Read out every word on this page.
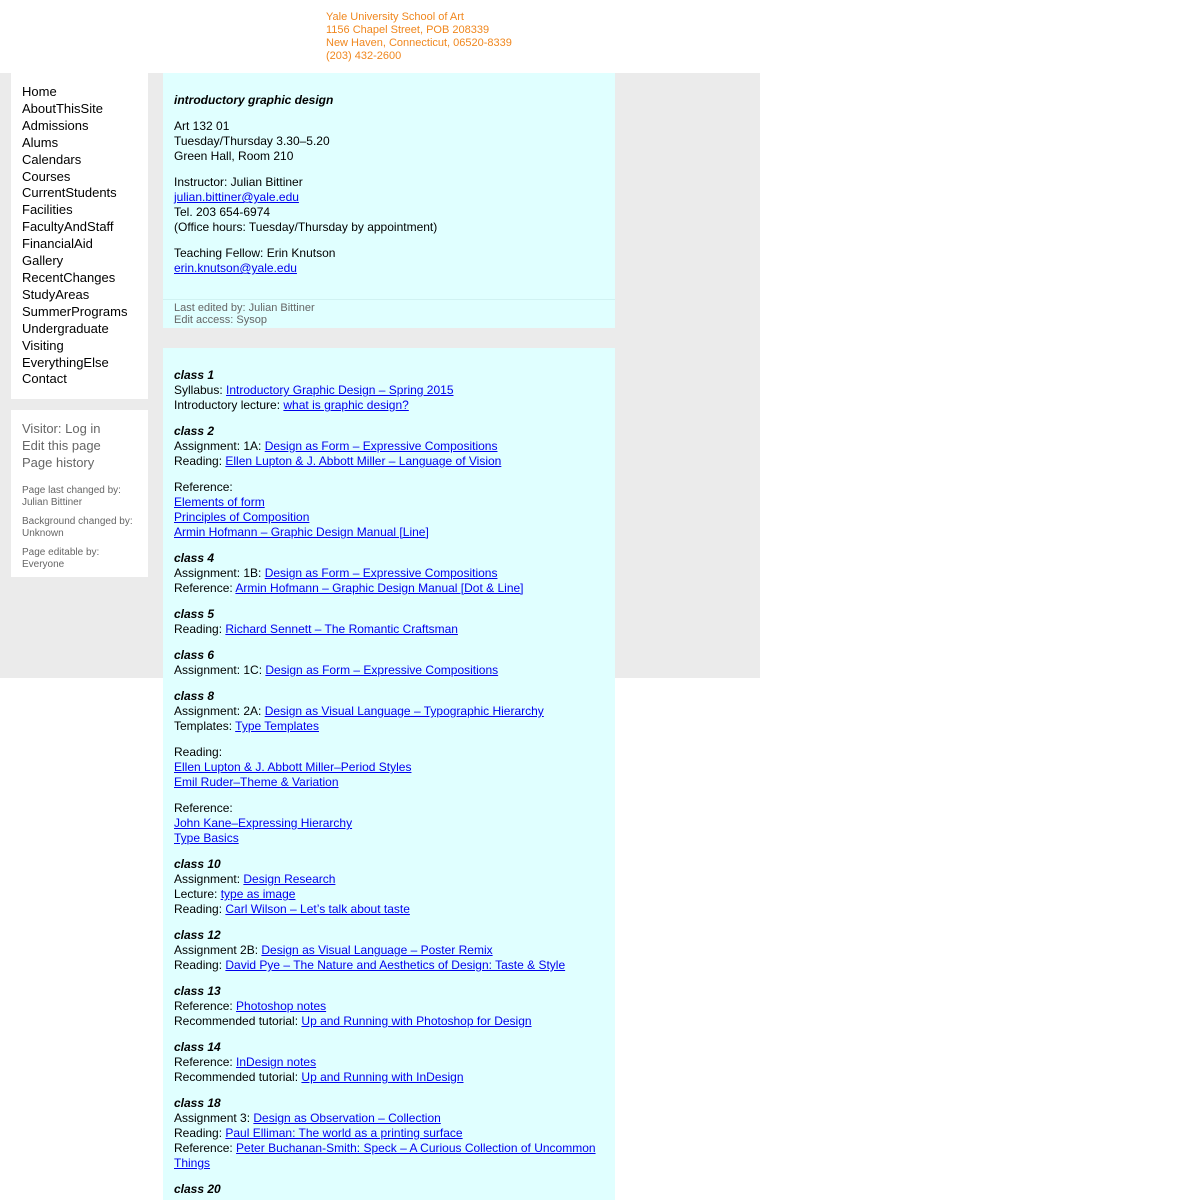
Yale University School of Art
1156 Chapel Street, POB 208339
New Haven, Connecticut, 06520-8339
(203) 432-2600
Home
AboutThisSite
Admissions
Alums
Calendars
Courses
CurrentStudents
Facilities
FacultyAndStaff
FinancialAid
Gallery
RecentChanges
StudyAreas
SummerPrograms
Undergraduate
Visiting
EverythingElse
Contact
Visitor: Log in
Edit this page
Page history
Page last changed by:
Julian Bittiner
Background changed by:
Unknown
Page editable by:
Everyone
introductory graphic design
Art 132 01
Tuesday/Thursday 3.30–5.20
Green Hall, Room 210
Instructor: Julian Bittiner
julian.bittiner@yale.edu
Tel. 203 654-6974
(Office hours: Tuesday/Thursday by appointment)
Teaching Fellow: Erin Knutson
erin.knutson@yale.edu
Last edited by: Julian Bittiner
Edit access: Sysop
class 1
Syllabus: Introductory Graphic Design – Spring 2015
Introductory lecture: what is graphic design?
class 2
Assignment: 1A: Design as Form – Expressive Compositions
Reading: Ellen Lupton & J. Abbott Miller – Language of Vision
Reference:
Elements of form
Principles of Composition
Armin Hofmann – Graphic Design Manual [Line]
class 4
Assignment: 1B: Design as Form – Expressive Compositions
Reference: Armin Hofmann – Graphic Design Manual [Dot & Line]
class 5
Reading: Richard Sennett – The Romantic Craftsman
class 6
Assignment: 1C: Design as Form – Expressive Compositions
class 8
Assignment: 2A: Design as Visual Language – Typographic Hierarchy
Templates: Type Templates
Reading:
Ellen Lupton & J. Abbott Miller–Period Styles
Emil Ruder–Theme & Variation
Reference:
John Kane–Expressing Hierarchy
Type Basics
class 10
Assignment: Design Research
Lecture: type as image
Reading: Carl Wilson – Let’s talk about taste
class 12
Assignment 2B: Design as Visual Language – Poster Remix
Reading: David Pye – The Nature and Aesthetics of Design: Taste & Style
class 13
Reference: Photoshop notes
Recommended tutorial: Up and Running with Photoshop for Design
class 14
Reference: InDesign notes
Recommended tutorial: Up and Running with InDesign
class 18
Assignment 3: Design as Observation – Collection
Reading: Paul Elliman: The world as a printing surface
Reference: Peter Buchanan-Smith: Speck – A Curious Collection of Uncommon Things
class 20
